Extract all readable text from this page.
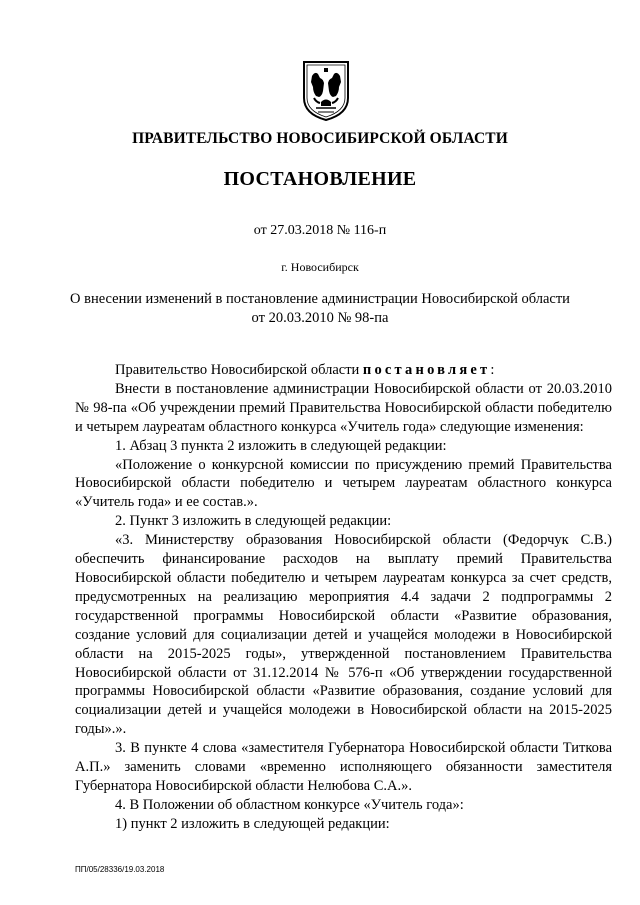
ПРАВИТЕЛЬСТВО НОВОСИБИРСКОЙ ОБЛАСТИ
ПОСТАНОВЛЕНИЕ
от 27.03.2018 № 116-п
г. Новосибирск
О внесении изменений в постановление администрации Новосибирской области
от 20.03.2010 № 98-па

Правительство Новосибирской области постановляет:

Внести в постановление администрации Новосибирской области от 20.03.2010 № 98-па «Об учреждении премий Правительства Новосибирской области победителю и четырем лауреатам областного конкурса «Учитель года» следующие изменения:

1. Абзац 3 пункта 2 изложить в следующей редакции:

«Положение о конкурсной комиссии по присуждению премий Правительства Новосибирской области победителю и четырем лауреатам областного конкурса «Учитель года» и ее состав.».

2. Пункт 3 изложить в следующей редакции:

«3. Министерству образования Новосибирской области (Федорчук С.В.) обеспечить финансирование расходов на выплату премий Правительства Новосибирской области победителю и четырем лауреатам конкурса за счет средств, предусмотренных на реализацию мероприятия 4.4 задачи 2 подпрограммы 2 государственной программы Новосибирской области «Развитие образования, создание условий для социализации детей и учащейся молодежи в Новосибирской области на 2015-2025 годы», утвержденной постановлением Правительства Новосибирской области от 31.12.2014 № 576-п «Об утверждении государственной программы Новосибирской области «Развитие образования, создание условий для социализации детей и учащейся молодежи в Новосибирской области на 2015-2025 годы».».

3. В пункте 4 слова «заместителя Губернатора Новосибирской области Титкова А.П.» заменить словами «временно исполняющего обязанности заместителя Губернатора Новосибирской области Нелюбова С.А.».

4. В Положении об областном конкурсе «Учитель года»:

1) пункт 2 изложить в следующей редакции:

ПП/05/28336/19.03.2018
